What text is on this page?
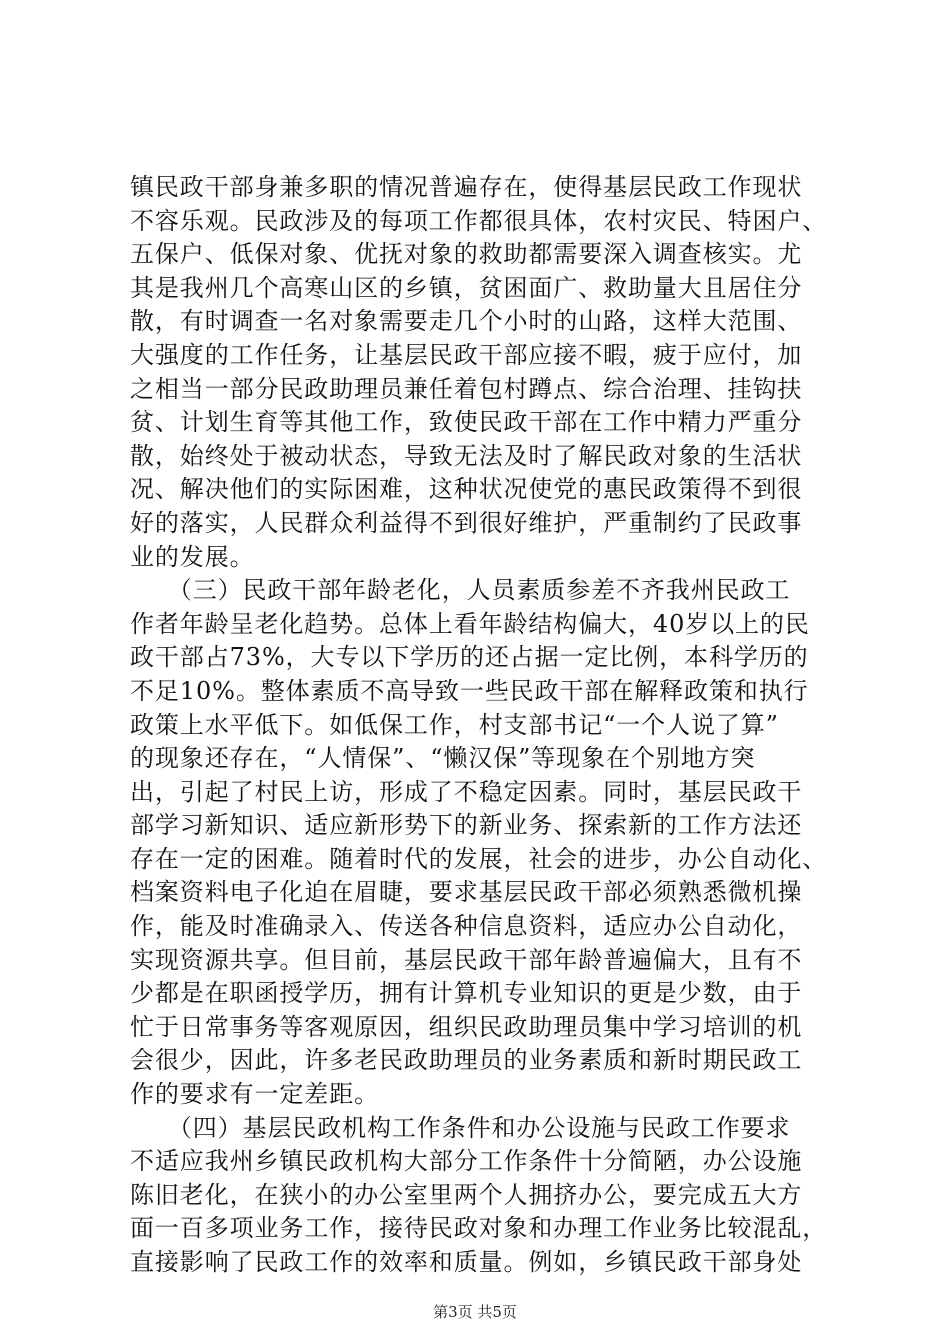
镇民政干部身兼多职的情况普遍存在，使得基层民政工作现状
不容乐观。民政涉及的每项工作都很具体，农村灾民、特困户、
五保户、低保对象、优抚对象的救助都需要深入调查核实。尤
其是我州几个高寒山区的乡镇，贫困面广、救助量大且居住分
散，有时调查一名对象需要走几个小时的山路，这样大范围、
大强度的工作任务，让基层民政干部应接不暇，疲于应付，加
之相当一部分民政助理员兼任着包村蹲点、综合治理、挂钩扶
贫、计划生育等其他工作，致使民政干部在工作中精力严重分
散，始终处于被动状态，导致无法及时了解民政对象的生活状
况、解决他们的实际困难，这种状况使党的惠民政策得不到很
好的落实，人民群众利益得不到很好维护，严重制约了民政事
业的发展。
　　（三）民政干部年龄老化，人员素质参差不齐我州民政工
作者年龄呈老化趋势。总体上看年龄结构偏大，40岁以上的民
政干部占73%，大专以下学历的还占据一定比例，本科学历的
不足10%。整体素质不高导致一些民政干部在解释政策和执行
政策上水平低下。如低保工作，村支部书记“一个人说了算”
的现象还存在，“人情保”、“懒汉保”等现象在个别地方突
出，引起了村民上访，形成了不稳定因素。同时，基层民政干
部学习新知识、适应新形势下的新业务、探索新的工作方法还
存在一定的困难。随着时代的发展，社会的进步，办公自动化、
档案资料电子化迫在眉睫，要求基层民政干部必须熟悉微机操
作，能及时准确录入、传送各种信息资料，适应办公自动化，
实现资源共享。但目前，基层民政干部年龄普遍偏大，且有不
少都是在职函授学历，拥有计算机专业知识的更是少数，由于
忙于日常事务等客观原因，组织民政助理员集中学习培训的机
会很少，因此，许多老民政助理员的业务素质和新时期民政工
作的要求有一定差距。
　　（四）基层民政机构工作条件和办公设施与民政工作要求
不适应我州乡镇民政机构大部分工作条件十分简陋，办公设施
陈旧老化，在狭小的办公室里两个人拥挤办公，要完成五大方
面一百多项业务工作，接待民政对象和办理工作业务比较混乱，
直接影响了民政工作的效率和质量。例如，乡镇民政干部身处
第3页 共5页
